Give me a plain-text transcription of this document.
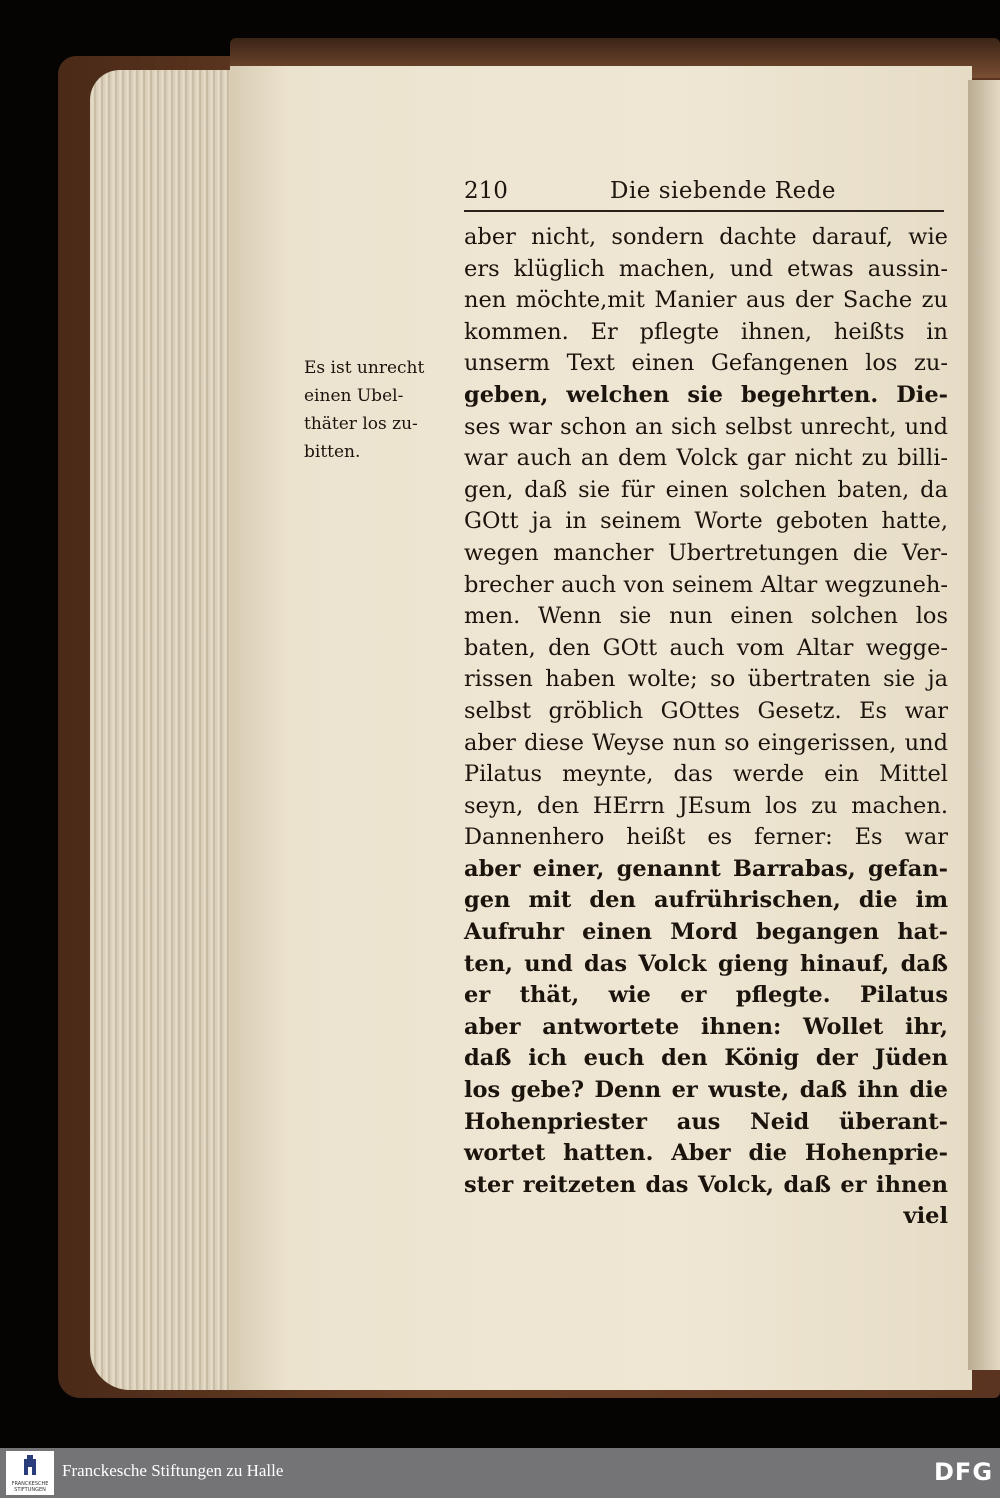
210	Die siebende Rede
Es ist unrecht
einen Ubel-
thäter los zu-
bitten.
aber nicht, sondern dachte darauf, wie
ers klüglich machen, und etwas aussin-
nen möchte,mit Manier aus der Sache zu
kommen. Er pflegte ihnen, heißts in
unserm Text einen Gefangenen los zu-
geben, welchen sie begehrten. Die-
ses war schon an sich selbst unrecht, und
war auch an dem Volck gar nicht zu billi-
gen, daß sie für einen solchen baten, da
GOtt ja in seinem Worte geboten hatte,
wegen mancher Ubertretungen die Ver-
brecher auch von seinem Altar wegzuneh-
men. Wenn sie nun einen solchen los
baten, den GOtt auch vom Altar wegge-
rissen haben wolte; so übertraten sie ja
selbst gröblich GOttes Gesetz. Es war
aber diese Weyse nun so eingerissen, und
Pilatus meynte, das werde ein Mittel
seyn, den HErrn JEsum los zu machen.
Dannenhero heißt es ferner: Es war
aber einer, genannt Barrabas, gefan-
gen mit den aufrührischen, die im
Aufruhr einen Mord begangen hat-
ten, und das Volck gieng hinauf, daß
er thät, wie er pflegte. Pilatus
aber antwortete ihnen: Wollet ihr,
daß ich euch den König der Jüden
los gebe? Denn er wuste, daß ihn die
Hohenpriester aus Neid überant-
wortet hatten. Aber die Hohenprie-
ster reitzeten das Volck, daß er ihnen
viel
FRANCKESCHE STIFTUNGEN
Franckesche Stiftungen zu Halle	DFG
